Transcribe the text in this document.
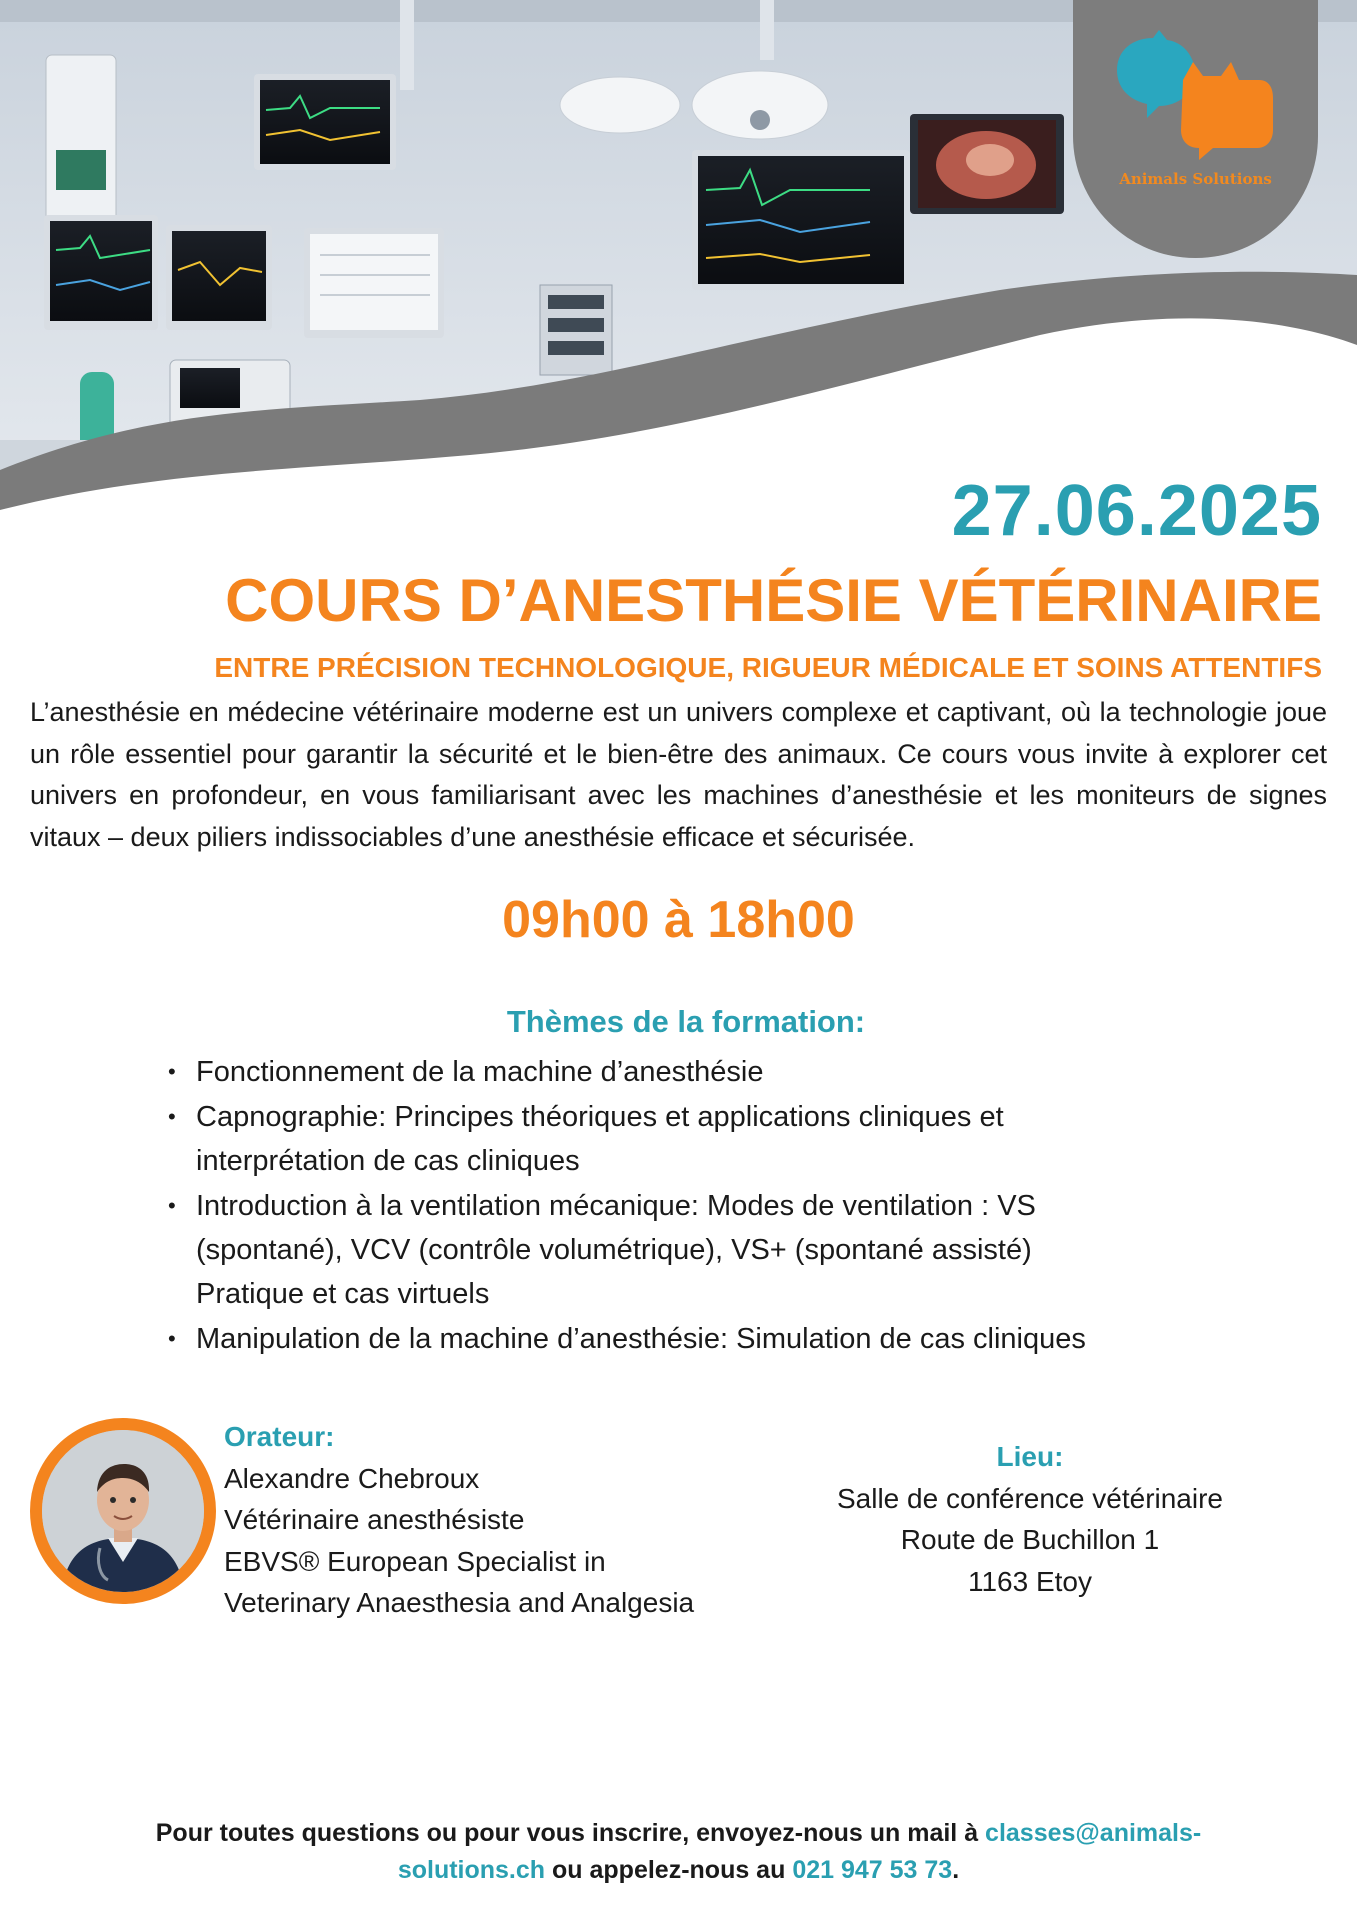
Animals Solutions
27.06.2025
COURS D’ANESTHÉSIE VÉTÉRINAIRE
ENTRE PRÉCISION TECHNOLOGIQUE, RIGUEUR MÉDICALE ET SOINS ATTENTIFS

L’anesthésie en médecine vétérinaire moderne est un univers complexe et captivant, où la technologie joue un rôle essentiel pour garantir la sécurité et le bien-être des animaux. Ce cours vous invite à explorer cet univers en profondeur, en vous familiarisant avec les machines d’anesthésie et les moniteurs de signes vitaux – deux piliers indissociables d’une anesthésie efficace et sécurisée.

09h00 à 18h00
Thèmes de la formation:
• Fonctionnement de la machine d’anesthésie
• Capnographie: Principes théoriques et applications cliniques et
interprétation de cas cliniques
• Introduction à la ventilation mécanique: Modes de ventilation : VS
(spontané), VCV (contrôle volumétrique), VS+ (spontané assisté)
Pratique et cas virtuels
• Manipulation de la machine d’anesthésie: Simulation de cas cliniques
Orateur:
Alexandre Chebroux
Vétérinaire anesthésiste
EBVS® European Specialist in
Veterinary Anaesthesia and Analgesia
Lieu:
Salle de conférence vétérinaire
Route de Buchillon 1
1163 Etoy
Pour toutes questions ou pour vous inscrire, envoyez-nous un mail à classes@animals-
solutions.ch ou appelez-nous au 021 947 53 73.
